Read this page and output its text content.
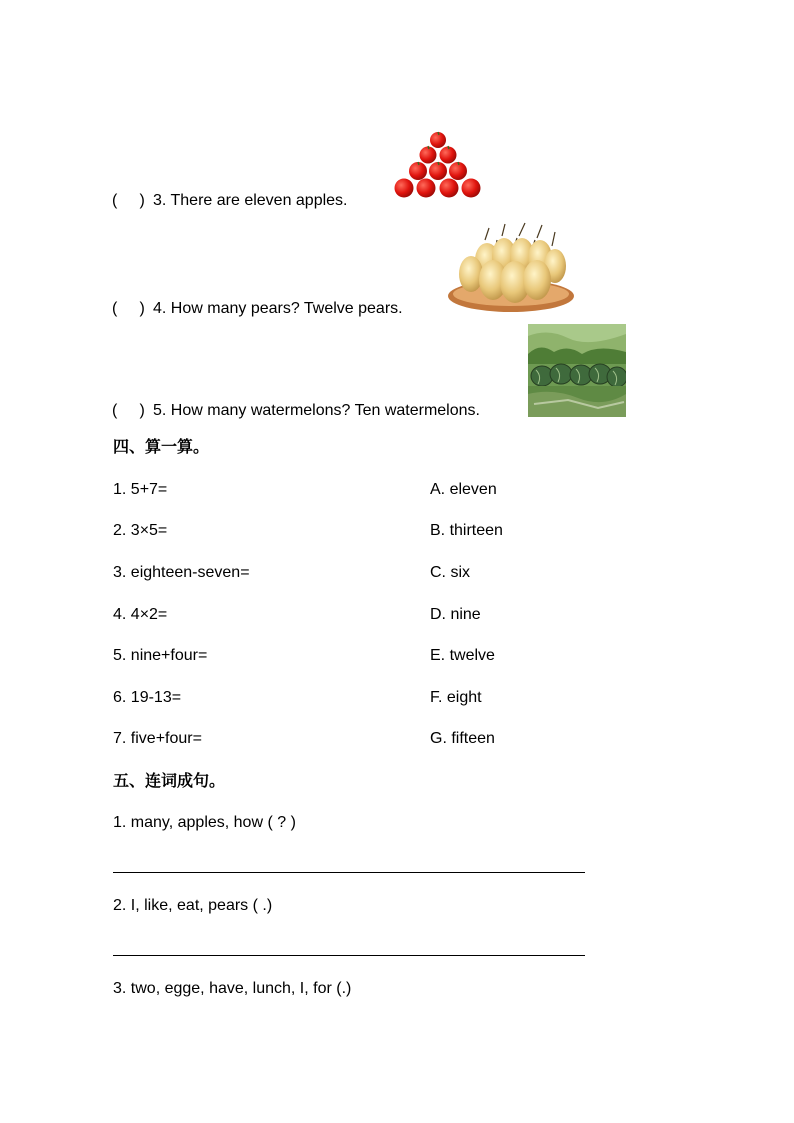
(     ) 3. There are eleven apples.
(     ) 4. How many pears? Twelve pears.
(     ) 5. How many watermelons? Ten watermelons.
四、算一算。
1. 5+7=
2. 3×5=
3. eighteen-seven=
4. 4×2=
5. nine+four=
6. 19-13=
7. five+four=
A. eleven
B. thirteen
C. six
D. nine
E. twelve
F. eight
G. fifteen
五、连词成句。
1. many, apples, how ( ? )
2. I, like, eat, pears ( .)
3. two, egge, have, lunch, I, for (.)
